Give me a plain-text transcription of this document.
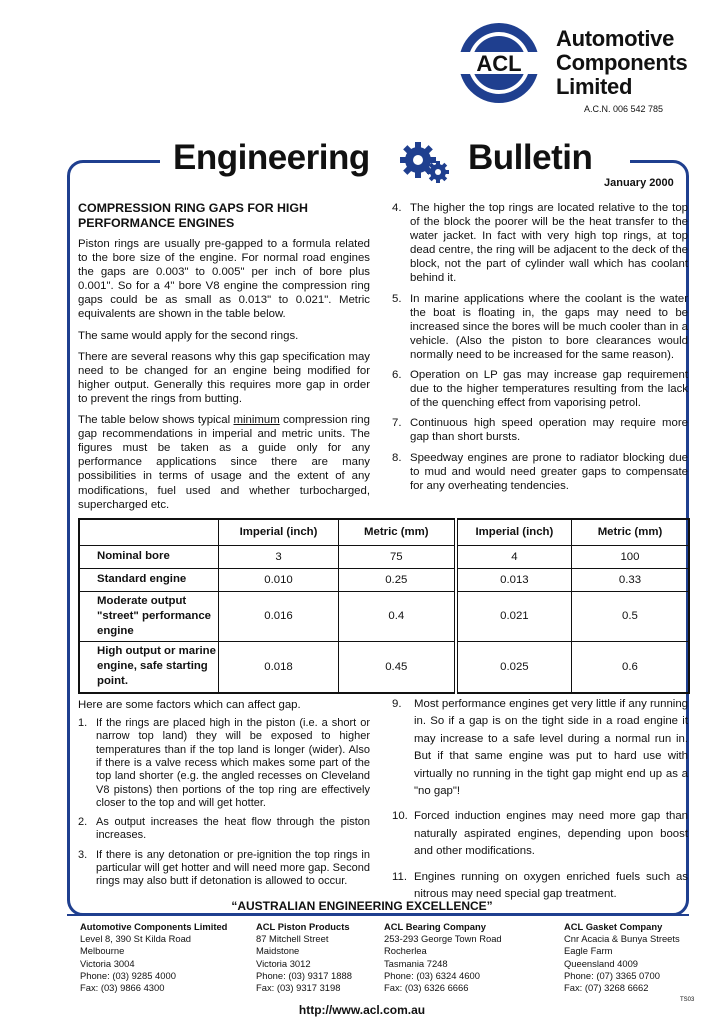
ACL
Automotive
Components
Limited
A.C.N. 006 542 785
Engineering	Bulletin
January 2000
COMPRESSION RING GAPS FOR HIGH PERFORMANCE ENGINES

Piston rings are usually pre-gapped to a formula related to the bore size of the engine. For normal road engines the gaps are 0.003" to 0.005" per inch of bore plus 0.001". So for a 4" bore V8 engine the compression ring gaps could be as small as 0.013" to 0.021". Metric equivalents are shown in the table below.

The same would apply for the second rings.

There are several reasons why this gap specification may need to be changed for an engine being modified for higher output. Generally this requires more gap in order to prevent the rings from butting.

The table below shows typical minimum compression ring gap recommendations in imperial and metric units. The figures must be taken as a guide only for any performance applications since there are many possibilities in terms of usage and the extent of any modifications, fuel used and whether turbocharged, supercharged etc.

4. The higher the top rings are located relative to the top of the block the poorer will be the heat transfer to the water jacket. In fact with very high top rings, at top dead centre, the ring will be adjacent to the deck of the block, not the part of cylinder wall which has coolant behind it.
5. In marine applications where the coolant is the water the boat is floating in, the gaps may need to be increased since the bores will be much cooler than in a vehicle. (Also the piston to bore clearances would normally need to be increased for the same reason).
6. Operation on LP gas may increase gap requirement due to the higher temperatures resulting from the lack of the quenching effect from vaporising petrol.
7. Continuous high speed operation may require more gap than short bursts.
8. Speedway engines are prone to radiator blocking due to mud and would need greater gaps to compensate for any overheating tendencies.
	Imperial (inch)	Metric (mm)	Imperial (inch)	Metric (mm)
Nominal bore	3	75	4	100
Standard engine	0.010	0.25	0.013	0.33
Moderate output "street" performance engine	0.016	0.4	0.021	0.5
High output or marine engine, safe starting point.	0.018	0.45	0.025	0.6

Here are some factors which can affect gap.

1. If the rings are placed high in the piston (i.e. a short or narrow top land) they will be exposed to higher temperatures than if the top land is longer (wider). Also if there is a valve recess which makes some part of the top land shorter (e.g. the angled recesses on Cleveland V8 pistons) then portions of the top ring are effectively closer to the top and will get hotter.
2. As output increases the heat flow through the piston increases.
3. If there is any detonation or pre-ignition the top rings in particular will get hotter and will need more gap. Second rings may also butt if detonation is allowed to occur.
9. Most performance engines get very little if any running in. So if a gap is on the tight side in a road engine it may increase to a safe level during a normal run in. But if that same engine was put to hard use with virtually no running in the tight gap might end up as a "no gap"!
10. Forced induction engines may need more gap than naturally aspirated engines, depending upon boost and other modifications.
11. Engines running on oxygen enriched fuels such as nitrous may need special gap treatment.
“AUSTRALIAN ENGINEERING EXCELLENCE”
Automotive Components Limited
Level 8, 390 St Kilda Road
Melbourne
Victoria 3004
Phone: (03) 9285 4000
Fax: (03) 9866 4300
ACL Piston Products
87 Mitchell Street
Maidstone
Victoria 3012
Phone: (03) 9317 1888
Fax: (03) 9317 3198
ACL Bearing Company
253-293 George Town Road
Rocherlea
Tasmania 7248
Phone: (03) 6324 4600
Fax: (03) 6326 6666
ACL Gasket Company
Cnr Acacia & Bunya Streets
Eagle Farm
Queensland 4009
Phone: (07) 3365 0700
Fax: (07) 3268 6662
TS03
http://www.acl.com.au
